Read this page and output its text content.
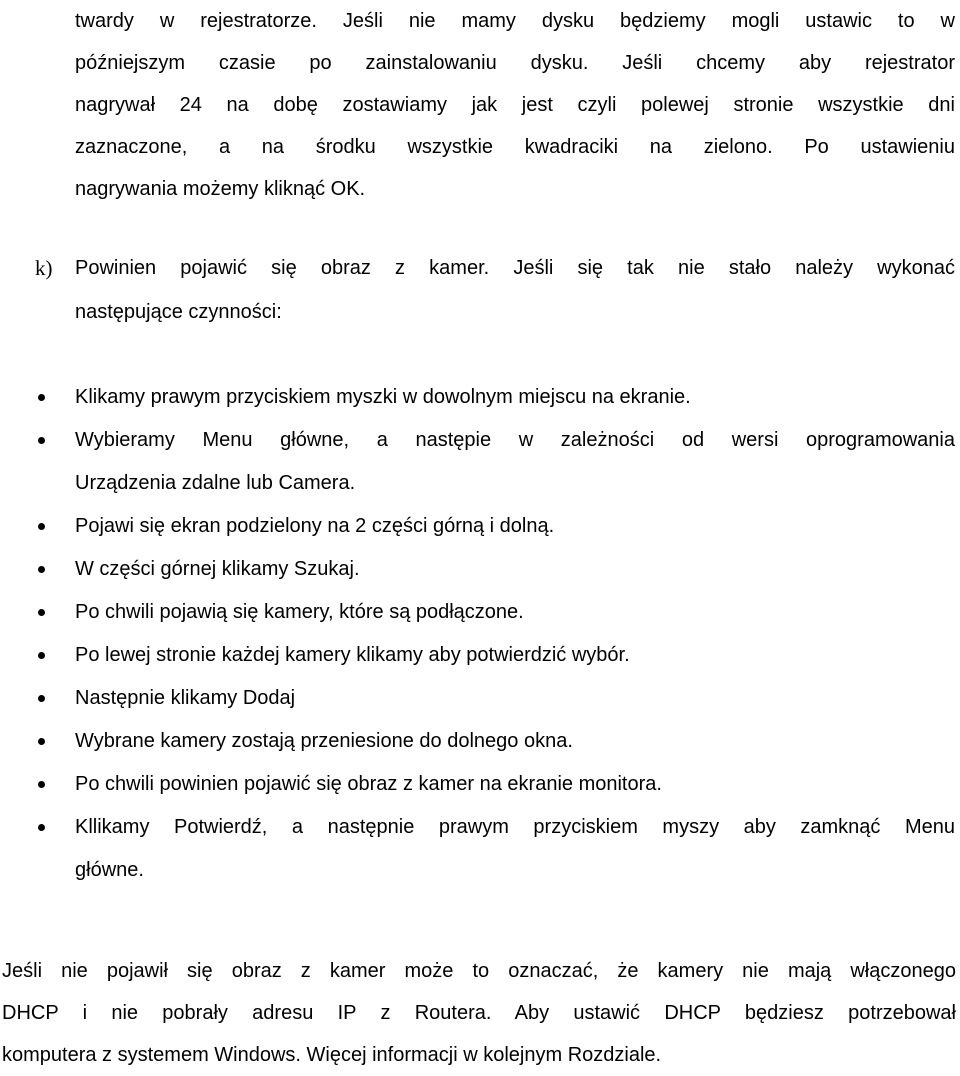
twardy w rejestratorze. Jeśli nie mamy dysku będziemy mogli ustawic to w
późniejszym czasie po zainstalowaniu dysku. Jeśli chcemy aby rejestrator
nagrywał 24 na dobę zostawiamy jak jest czyli polewej stronie wszystkie dni
zaznaczone, a na środku wszystkie kwadraciki na zielono. Po ustawieniu
nagrywania możemy kliknąć OK.
k) Powinien pojawić się obraz z kamer. Jeśli się tak nie stało należy wykonać
następujące czynności:
Klikamy prawym przyciskiem myszki w dowolnym miejscu na ekranie.
Wybieramy Menu główne, a następie w zależności od wersi oprogramowania
Urządzenia zdalne lub Camera.
Pojawi się ekran podzielony na 2 części górną i dolną.
W części górnej klikamy Szukaj.
Po chwili pojawią się kamery, które są podłączone.
Po lewej stronie każdej kamery klikamy aby potwierdzić wybór.
Następnie klikamy Dodaj
Wybrane kamery zostają przeniesione do dolnego okna.
Po chwili powinien pojawić się obraz z kamer na ekranie monitora.
Kllikamy Potwierdź, a następnie prawym przyciskiem myszy aby zamknąć Menu
główne.
Jeśli nie pojawił się obraz z kamer może to oznaczać, że kamery nie mają włączonego
DHCP i nie pobrały adresu IP z Routera. Aby ustawić DHCP będziesz potrzebował
komputera z systemem Windows. Więcej informacji w kolejnym Rozdziale.
